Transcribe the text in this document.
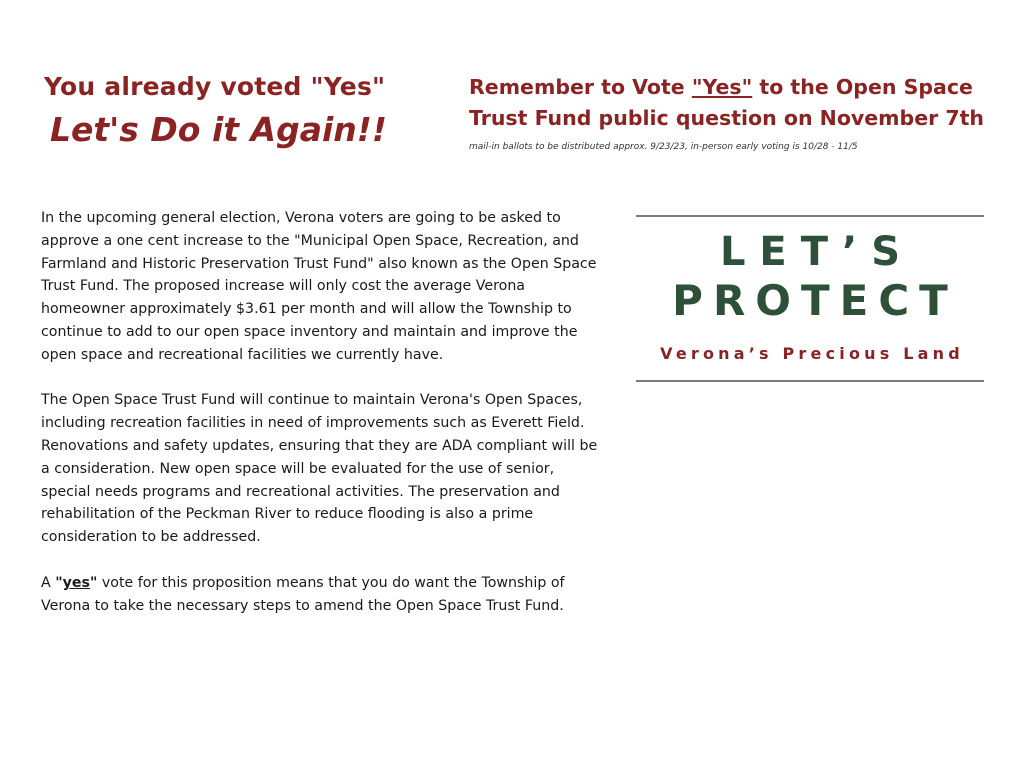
You already voted "Yes"
Let's Do it Again!!
Remember to Vote "Yes" to the Open Space Trust Fund public question on November 7th
mail-in ballots to be distributed approx. 9/23/23, in-person early voting is 10/28 - 11/5

In the upcoming general election, Verona voters are going to be asked to approve a one cent increase to the "Municipal Open Space, Recreation, and Farmland and Historic Preservation Trust Fund" also known as the Open Space Trust Fund. The proposed increase will only cost the average Verona homeowner approximately $3.61 per month and will allow the Township to continue to add to our open space inventory and maintain and improve the open space and recreational facilities we currently have.

The Open Space Trust Fund will continue to maintain Verona's Open Spaces, including recreation facilities in need of improvements such as Everett Field. Renovations and safety updates, ensuring that they are ADA compliant will be a consideration. New open space will be evaluated for the use of senior, special needs programs and recreational activities. The preservation and rehabilitation of the Peckman River to reduce flooding is also a prime consideration to be addressed.

A "yes" vote for this proposition means that you do want the Township of Verona to take the necessary steps to amend the Open Space Trust Fund.

LET’S
PROTECT
Verona’s Precious Land
